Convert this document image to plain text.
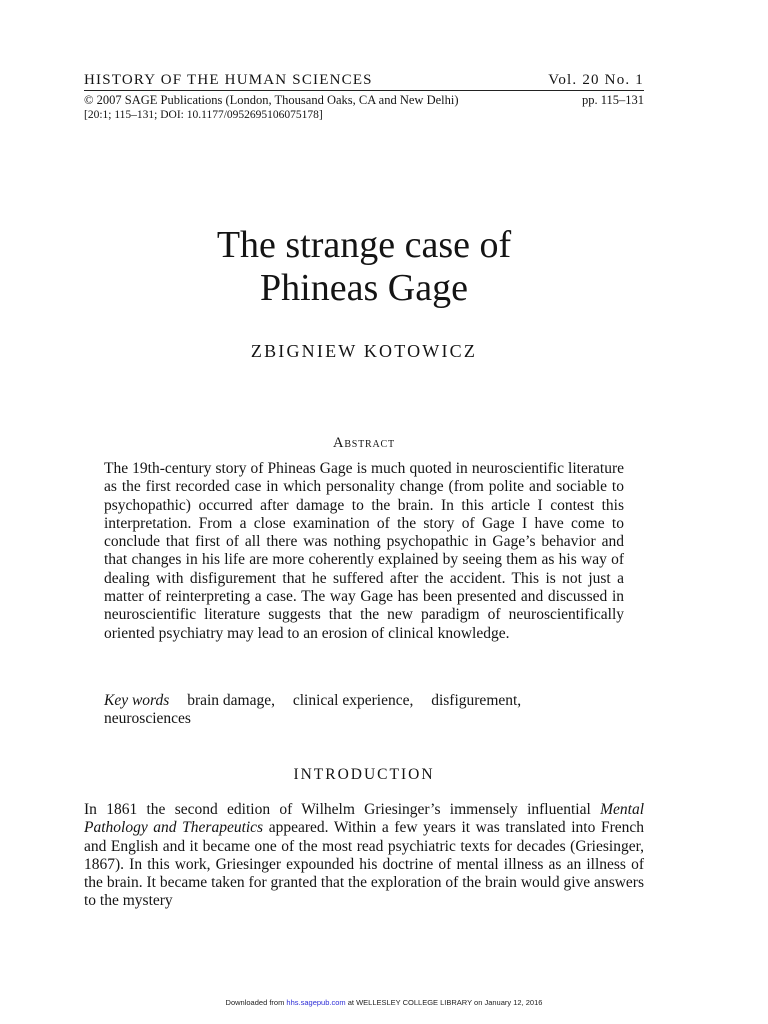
HISTORY OF THE HUMAN SCIENCES	Vol. 20 No. 1
© 2007 SAGE Publications (London, Thousand Oaks, CA and New Delhi)	pp. 115–131
[20:1; 115–131; DOI: 10.1177/0952695106075178]
The strange case of
Phineas Gage
ZBIGNIEW KOTOWICZ
Abstract

The 19th-century story of Phineas Gage is much quoted in neuroscientific literature as the first recorded case in which personality change (from polite and sociable to psychopathic) occurred after damage to the brain. In this article I contest this interpretation. From a close examination of the story of Gage I have come to conclude that first of all there was nothing psychopathic in Gage’s behavior and that changes in his life are more coherently explained by seeing them as his way of dealing with disfigurement that he suffered after the accident. This is not just a matter of reinterpreting a case. The way Gage has been presented and discussed in neuroscientific literature suggests that the new paradigm of neuroscientifically oriented psychiatry may lead to an erosion of clinical knowledge.

Key words brain damage, clinical experience, disfigurement,
neurosciences

INTRODUCTION

In 1861 the second edition of Wilhelm Griesinger’s immensely influential Mental Pathology and Therapeutics appeared. Within a few years it was translated into French and English and it became one of the most read psychiatric texts for decades (Griesinger, 1867). In this work, Griesinger expounded his doctrine of mental illness as an illness of the brain. It became taken for granted that the exploration of the brain would give answers to the mystery

Downloaded from hhs.sagepub.com at WELLESLEY COLLEGE LIBRARY on January 12, 2016
